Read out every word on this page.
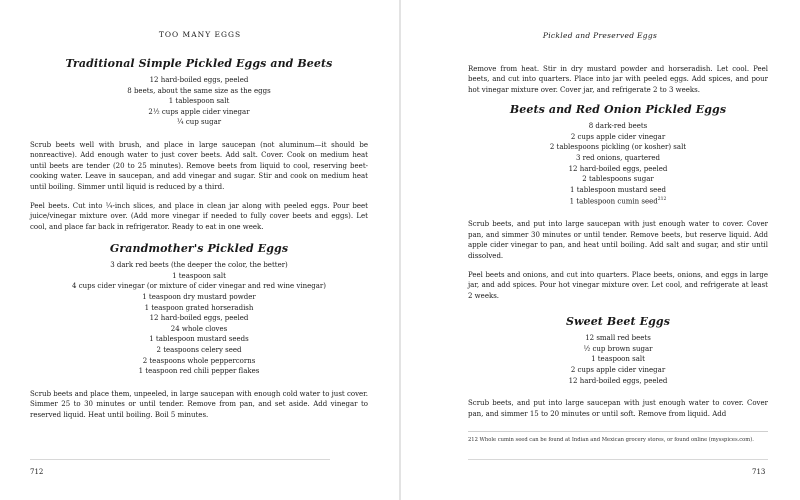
TOO MANY EGGS	Pickled and Preserved Eggs
Traditional Simple Pickled Eggs and Beets
12 hard-boiled eggs, peeled
8 beets, about the same size as the eggs
1 tablespoon salt
2½ cups apple cider vinegar
¼ cup sugar

Scrub beets well with brush, and place in large saucepan (not aluminum—it should be nonreactive). Add enough water to just cover beets. Add salt. Cover. Cook on medium heat until beets are tender (20 to 25 minutes). Remove beets from liquid to cool, reserving beet-cooking water. Leave in saucepan, and add vinegar and sugar. Stir and cook on medium heat until boiling. Simmer until liquid is reduced by a third.

Peel beets. Cut into ¼-inch slices, and place in clean jar along with peeled eggs. Pour beet juice/vinegar mixture over. (Add more vinegar if needed to fully cover beets and eggs). Let cool, and place far back in refrigerator. Ready to eat in one week.

Grandmother's Pickled Eggs
3 dark red beets (the deeper the color, the better)
1 teaspoon salt
4 cups cider vinegar (or mixture of cider vinegar and red wine vinegar)
1 teaspoon dry mustard powder
1 teaspoon grated horseradish
12 hard-boiled eggs, peeled
24 whole cloves
1 tablespoon mustard seeds
2 teaspoons celery seed
2 teaspoons whole peppercorns
1 teaspoon red chili pepper flakes

Scrub beets and place them, unpeeled, in large saucepan with enough cold water to just cover. Simmer 25 to 30 minutes or until tender. Remove from pan, and set aside. Add vinegar to reserved liquid. Heat until boiling. Boil 5 minutes.

Remove from heat. Stir in dry mustard powder and horseradish. Let cool. Peel beets, and cut into quarters. Place into jar with peeled eggs. Add spices, and pour hot vinegar mixture over. Cover jar, and refrigerate 2 to 3 weeks.

Beets and Red Onion Pickled Eggs
8 dark-red beets
2 cups apple cider vinegar
2 tablespoons pickling (or kosher) salt
3 red onions, quartered
12 hard-boiled eggs, peeled
2 tablespoons sugar
1 tablespoon mustard seed
1 tablespoon cumin seed$^{212}$

Scrub beets, and put into large saucepan with just enough water to cover. Cover pan, and simmer 30 minutes or until tender. Remove beets, but reserve liquid. Add apple cider vinegar to pan, and heat until boiling. Add salt and sugar, and stir until dissolved.

Peel beets and onions, and cut into quarters. Place beets, onions, and eggs in large jar, and add spices. Pour hot vinegar mixture over. Let cool, and refrigerate at least 2 weeks.

Sweet Beet Eggs
12 small red beets
½ cup brown sugar
1 teaspoon salt
2 cups apple cider vinegar
12 hard-boiled eggs, peeled

Scrub beets, and put into large saucepan with just enough water to cover. Cover pan, and simmer 15 to 20 minutes or until soft. Remove from liquid. Add

212 Whole cumin seed can be found at Indian and Mexican grocery stores, or found online (mysspices.com).
712	713
